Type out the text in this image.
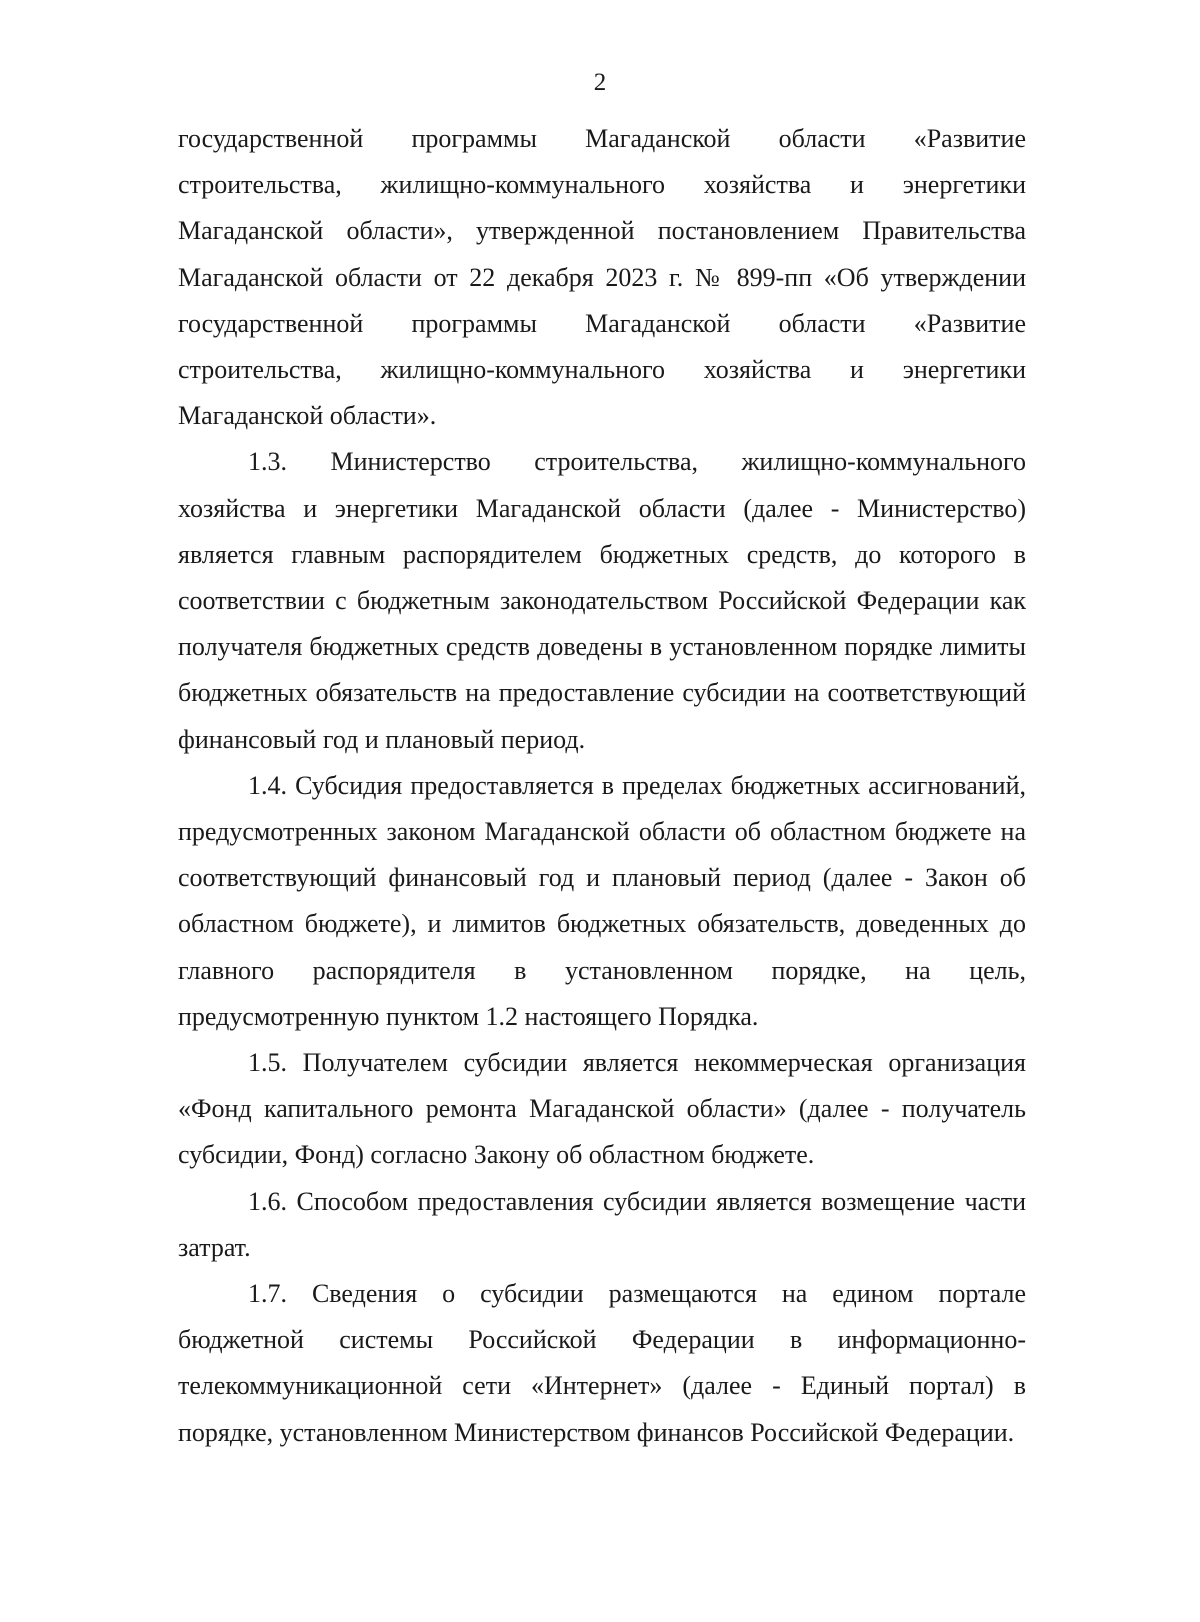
2

государственной программы Магаданской области «Развитие строительства, жилищно-коммунального хозяйства и энергетики Магаданской области», утвержденной постановлением Правительства Магаданской области от 22 декабря 2023 г. № 899-пп «Об утверждении государственной программы Магаданской области «Развитие строительства, жилищно-коммунального хозяйства и энергетики Магаданской области».

1.3. Министерство строительства, жилищно-коммунального хозяйства и энергетики Магаданской области (далее - Министерство) является главным распорядителем бюджетных средств, до которого в соответствии с бюджетным законодательством Российской Федерации как получателя бюджетных средств доведены в установленном порядке лимиты бюджетных обязательств на предоставление субсидии на соответствующий финансовый год и плановый период.

1.4. Субсидия предоставляется в пределах бюджетных ассигнований, предусмотренных законом Магаданской области об областном бюджете на соответствующий финансовый год и плановый период (далее - Закон об областном бюджете), и лимитов бюджетных обязательств, доведенных до главного распорядителя в установленном порядке, на цель, предусмотренную пунктом 1.2 настоящего Порядка.

1.5. Получателем субсидии является некоммерческая организация «Фонд капитального ремонта Магаданской области» (далее - получатель субсидии, Фонд) согласно Закону об областном бюджете.

1.6. Способом предоставления субсидии является возмещение части затрат.

1.7. Сведения о субсидии размещаются на едином портале бюджетной системы Российской Федерации в информационно-телекоммуникационной сети «Интернет» (далее - Единый портал) в порядке, установленном Министерством финансов Российской Федерации.
